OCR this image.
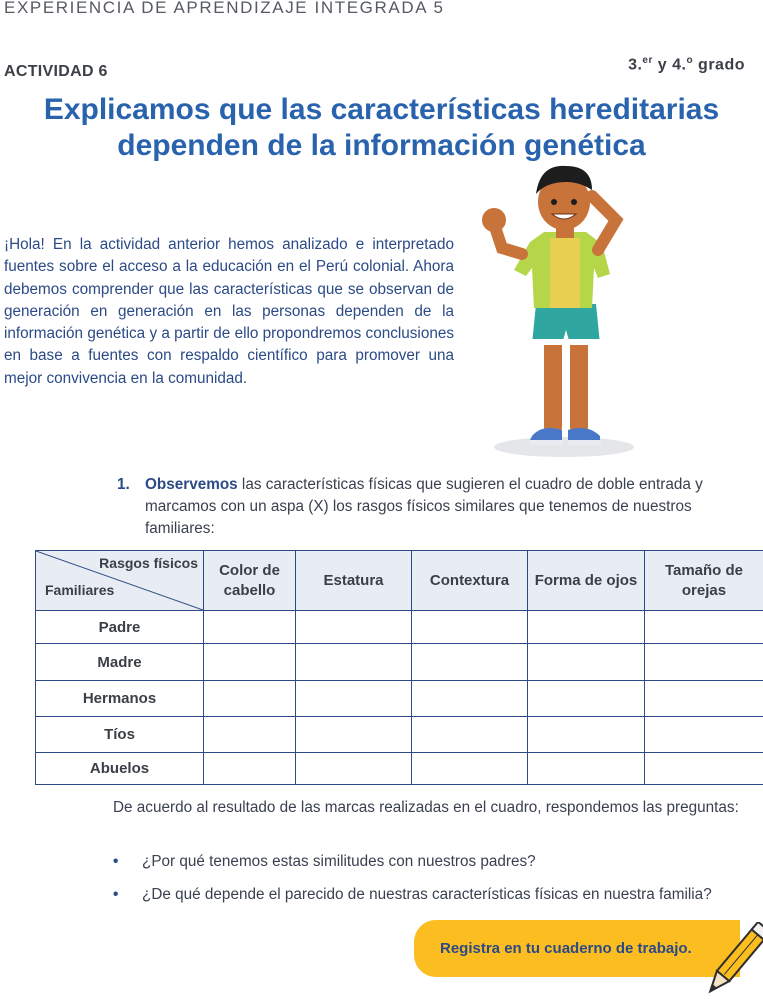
EXPERIENCIA DE APRENDIZAJE INTEGRADA 5
ACTIVIDAD 6	3.$^{er}$ y 4.$^o$ grado
Explicamos que las características hereditarias
dependen de la información genética

¡Hola! En la actividad anterior hemos analizado e interpretado fuentes sobre el acceso a la educación en el Perú colonial. Ahora debemos comprender que las características que se observan de generación en generación en las personas dependen de la información genética y a partir de ello propondremos conclusiones en base a fuentes con respaldo científico para promover una mejor convivencia en la comunidad.

1. Observemos las características físicas que sugieren el cuadro de doble entrada y marcamos con un aspa (X) los rasgos físicos similares que tenemos de nuestros familiares:
Rasgos físicos
Familiares	Color de cabello	Estatura	Contextura	Forma de ojos	Tamaño de orejas
Padre					
Madre					
Hermanos					
Tíos					
Abuelos					

De acuerdo al resultado de las marcas realizadas en el cuadro, respondemos las preguntas:

• ¿Por qué tenemos estas similitudes con nuestros padres?
• ¿De qué depende el parecido de nuestras características físicas en nuestra familia?
Registra en tu cuaderno de trabajo.
